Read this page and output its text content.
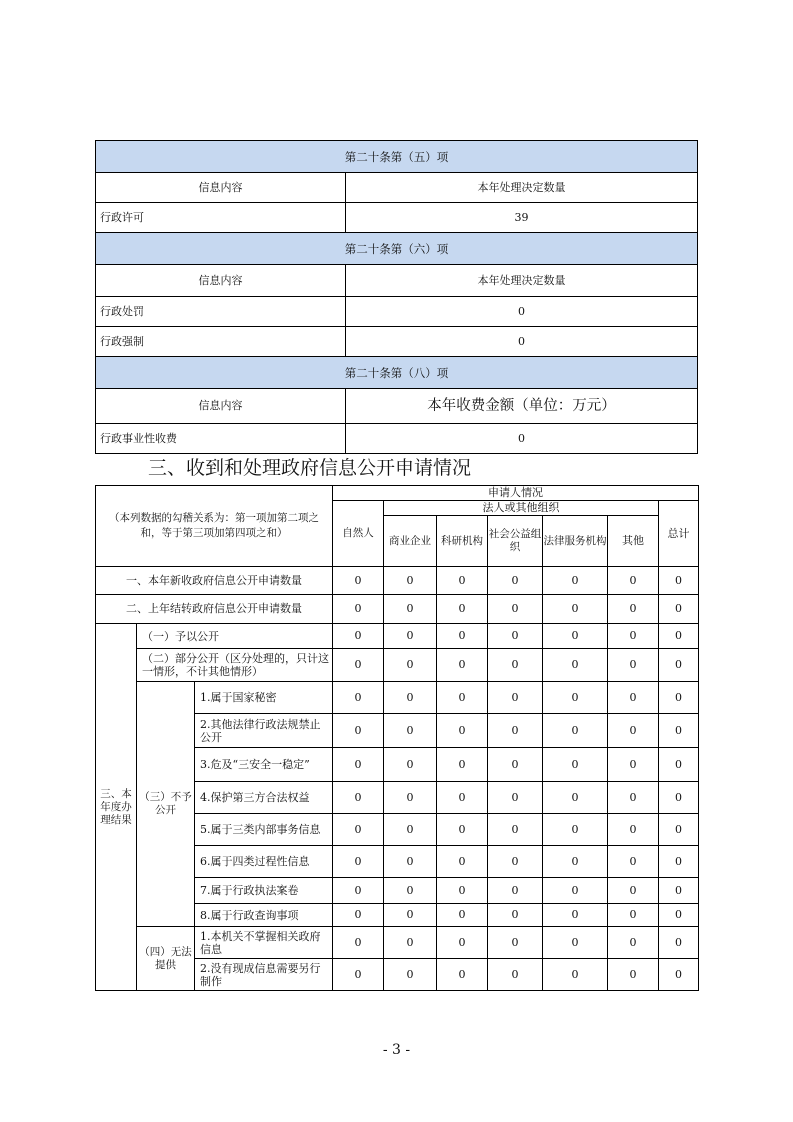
第二十条第（五）项	
信息内容	本年处理决定数量
行政许可	39
第二十条第（六）项	
信息内容	本年处理决定数量
行政处罚	0
行政强制	0
第二十条第（八）项	
信息内容	本年收费金额（单位：万元）
行政事业性收费	0
三、收到和处理政府信息公开申请情况
（本列数据的勾稽关系为：第一项加第二项之和，等于第三项加第四项之和）			申请人情况						
			自然人	法人或其他组织					总计
				商业企业	科研机构	社会公益组织	法律服务机构	其他	
一、本年新收政府信息公开申请数量			0	0	0	0	0	0	0
二、上年结转政府信息公开申请数量			0	0	0	0	0	0	0
三、本年度办理结果	（一）予以公开		0	0	0	0	0	0	0
	（二）部分公开（区分处理的，只计这一情形，不计其他情形）		0	0	0	0	0	0	0
	（三）不予公开	1.属于国家秘密	0	0	0	0	0	0	0
		2.其他法律行政法规禁止公开	0	0	0	0	0	0	0
		3.危及“三安全一稳定”	0	0	0	0	0	0	0
		4.保护第三方合法权益	0	0	0	0	0	0	0
		5.属于三类内部事务信息	0	0	0	0	0	0	0
		6.属于四类过程性信息	0	0	0	0	0	0	0
		7.属于行政执法案卷	0	0	0	0	0	0	0
		8.属于行政查询事项	0	0	0	0	0	0	0
	（四）无法提供	1.本机关不掌握相关政府信息	0	0	0	0	0	0	0
		2.没有现成信息需要另行制作	0	0	0	0	0	0	0
- 3 -
